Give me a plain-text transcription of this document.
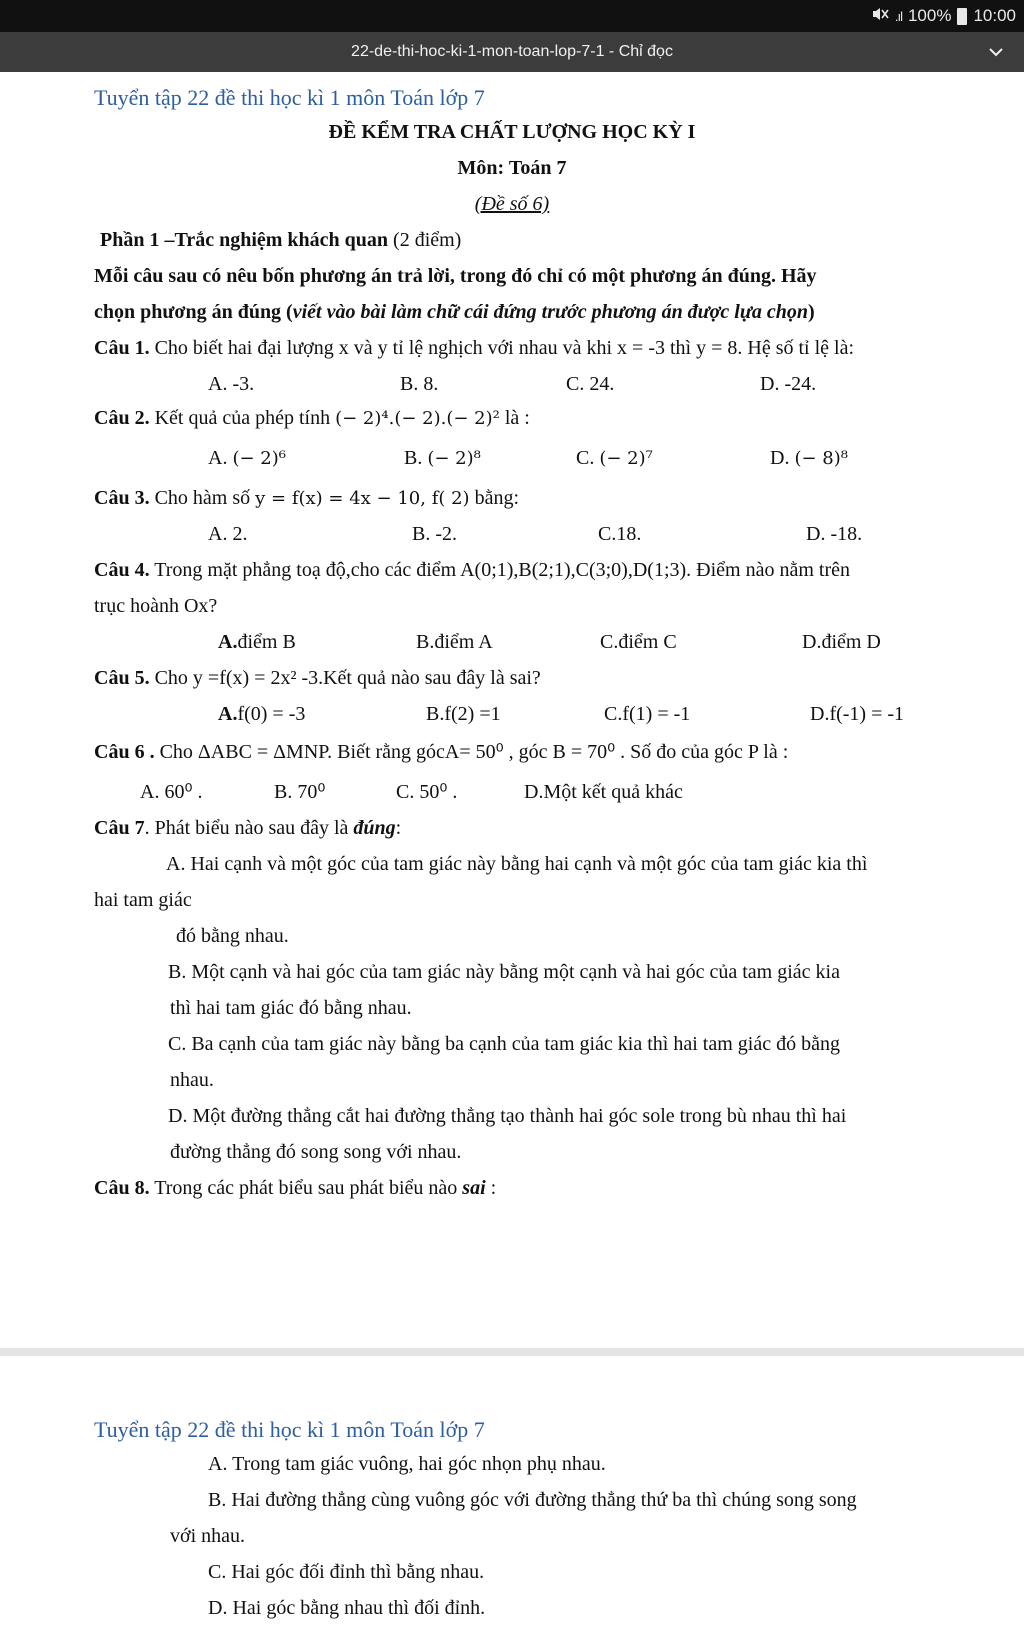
.ıl 100% 10:00
22-de-thi-hoc-ki-1-mon-toan-lop-7-1 - Chỉ đọc
Tuyển tập 22 đề thi học kì 1 môn Toán lớp 7
ĐỀ KỂM TRA CHẤT LƯỢNG HỌC KỲ I
Môn: Toán 7
(Đề số 6)
Phần 1 –Trắc nghiệm khách quan (2 điểm)
Mỗi câu sau có nêu bốn phương án trả lời, trong đó chỉ có một phương án đúng. Hãy
chọn phương án đúng (viết vào bài làm chữ cái đứng trước phương án được lựa chọn)
Câu 1. Cho biết hai đại lượng x và y tỉ lệ nghịch với nhau và khi x = -3 thì y = 8. Hệ số tỉ lệ là:
A. -3.	B. 8.	C. 24.	D. -24.
Câu 2. Kết quả của phép tính (− 2)⁴.(− 2).(− 2)² là :
A. (− 2)⁶	B. (− 2)⁸	C. (− 2)⁷	D. (− 8)⁸
Câu 3. Cho hàm số y = f(x) = 4x − 10, f( 2) bằng:
A. 2.	B. -2.	C.18.	D. -18.
Câu 4. Trong mặt phẳng toạ độ,cho các điểm A(0;1),B(2;1),C(3;0),D(1;3). Điểm nào nằm trên
trục hoành Ox?
A.điểm B	B.điểm A	C.điểm C	D.điểm D
Câu 5. Cho y =f(x) = 2x² -3.Kết quả nào sau đây là sai?
A.f(0) = -3	B.f(2) =1	C.f(1) = -1	D.f(-1) = -1
Câu 6 . Cho ΔABC = ΔMNP. Biết rằng gócA= 50⁰ , góc B = 70⁰ . Số đo của góc P là :
A. 60⁰ .	B. 70⁰	C. 50⁰ .	D.Một kết quả khác
Câu 7. Phát biểu nào sau đây là đúng:
A. Hai cạnh và một góc của tam giác này bằng hai cạnh và một góc của tam giác kia thì
hai tam giác
đó bằng nhau.
B. Một cạnh và hai góc của tam giác này bằng một cạnh và hai góc của tam giác kia
thì hai tam giác đó bằng nhau.
C. Ba cạnh của tam giác này bằng ba cạnh của tam giác kia thì hai tam giác đó bằng
nhau.
D. Một đường thẳng cắt hai đường thẳng tạo thành hai góc sole trong bù nhau thì hai
đường thẳng đó song song với nhau.
Câu 8. Trong các phát biểu sau phát biểu nào sai :
Tuyển tập 22 đề thi học kì 1 môn Toán lớp 7
A. Trong tam giác vuông, hai góc nhọn phụ nhau.
B. Hai đường thẳng cùng vuông góc với đường thẳng thứ ba thì chúng song song
với nhau.
C. Hai góc đối đỉnh thì bằng nhau.
D. Hai góc bằng nhau thì đối đỉnh.
